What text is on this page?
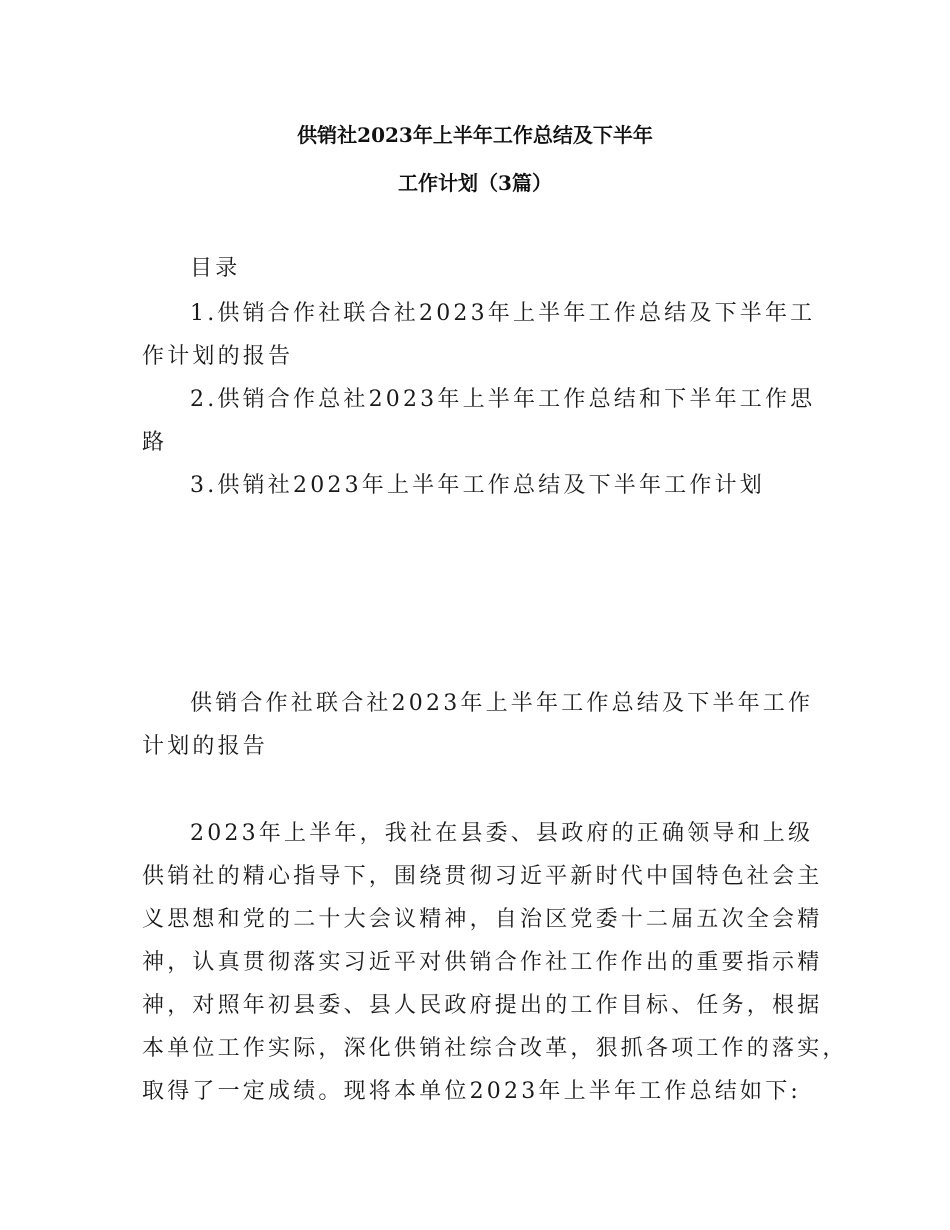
供销社2023年上半年工作总结及下半年
工作计划（3篇）
目录
1.供销合作社联合社2023年上半年工作总结及下半年工
作计划的报告
2.供销合作总社2023年上半年工作总结和下半年工作思
路
3.供销社2023年上半年工作总结及下半年工作计划
供销合作社联合社2023年上半年工作总结及下半年工作
计划的报告
2023年上半年，我社在县委、县政府的正确领导和上级
供销社的精心指导下，围绕贯彻习近平新时代中国特色社会主
义思想和党的二十大会议精神，自治区党委十二届五次全会精
神，认真贯彻落实习近平对供销合作社工作作出的重要指示精
神，对照年初县委、县人民政府提出的工作目标、任务，根据
本单位工作实际，深化供销社综合改革，狠抓各项工作的落实，
取得了一定成绩。现将本单位2023年上半年工作总结如下:
